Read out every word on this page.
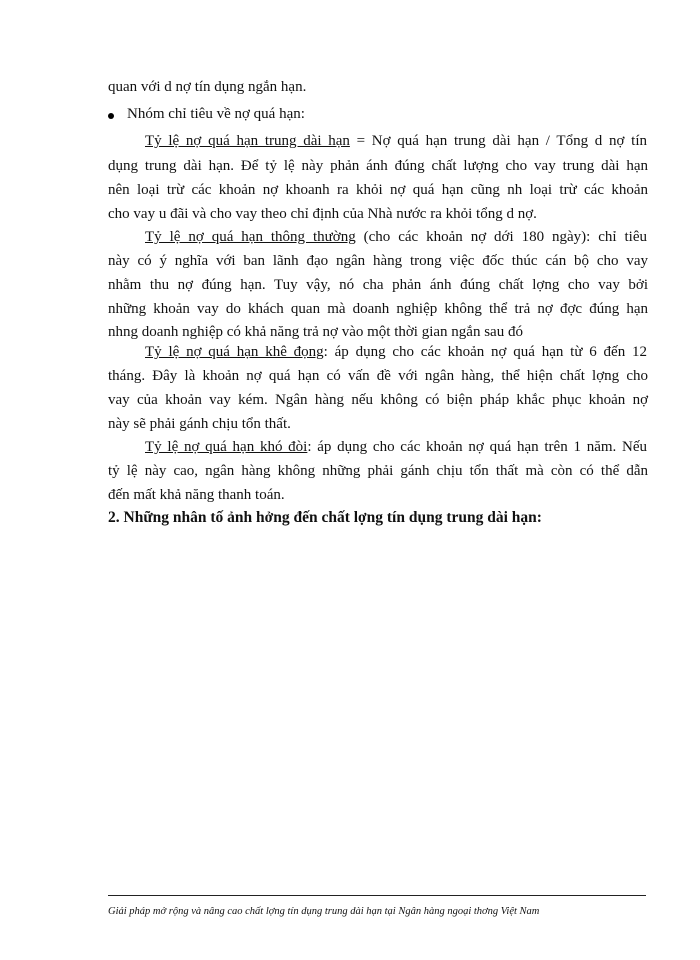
quan với d nợ tín dụng ngắn hạn.
Nhóm chỉ tiêu về nợ quá hạn:
Tỷ lệ nợ quá hạn trung dài hạn = Nợ quá hạn trung dài hạn / Tổng d nợ tín
dụng trung dài hạn. Để tỷ lệ này phản ánh đúng chất lượng cho vay trung dài hạn
nên loại trừ các khoản nợ khoanh ra khỏi nợ quá hạn cũng nh loại trừ các khoản
cho vay u đãi và cho vay theo chỉ định của Nhà nước ra khỏi tổng d nợ.
Tỷ lệ nợ quá hạn thông thường (cho các khoản nợ dới 180 ngày): chỉ tiêu
này có ý nghĩa với ban lãnh đạo ngân hàng trong việc đốc thúc cán bộ cho vay
nhằm thu nợ đúng hạn. Tuy vậy, nó cha phản ánh đúng chất lợng cho vay bởi
những khoản vay do khách quan mà doanh nghiệp không thể trả nợ đợc đúng hạn
nhng doanh nghiệp có khả năng trả nợ vào một thời gian ngắn sau đó
Tỷ lệ nợ quá hạn khê đọng: áp dụng cho các khoản nợ quá hạn từ 6 đến 12
tháng. Đây là khoản nợ quá hạn có vấn đề với ngân hàng, thể hiện chất lợng cho
vay của khoản vay kém. Ngân hàng nếu không có biện pháp khắc phục khoản nợ
này sẽ phải gánh chịu tổn thất.
Tỷ lệ nợ quá hạn khó đòi: áp dụng cho các khoản nợ quá hạn trên 1 năm. Nếu
tỷ lệ này cao, ngân hàng không những phải gánh chịu tổn thất mà còn có thể dẫn
đến mất khả năng thanh toán.
2. Những nhân tố ảnh hởng đến chất lợng tín dụng trung dài hạn:
Giải pháp mở rộng và nâng cao chất lợng tín dụng trung dài hạn tại Ngân hàng ngoại thơng Việt Nam
